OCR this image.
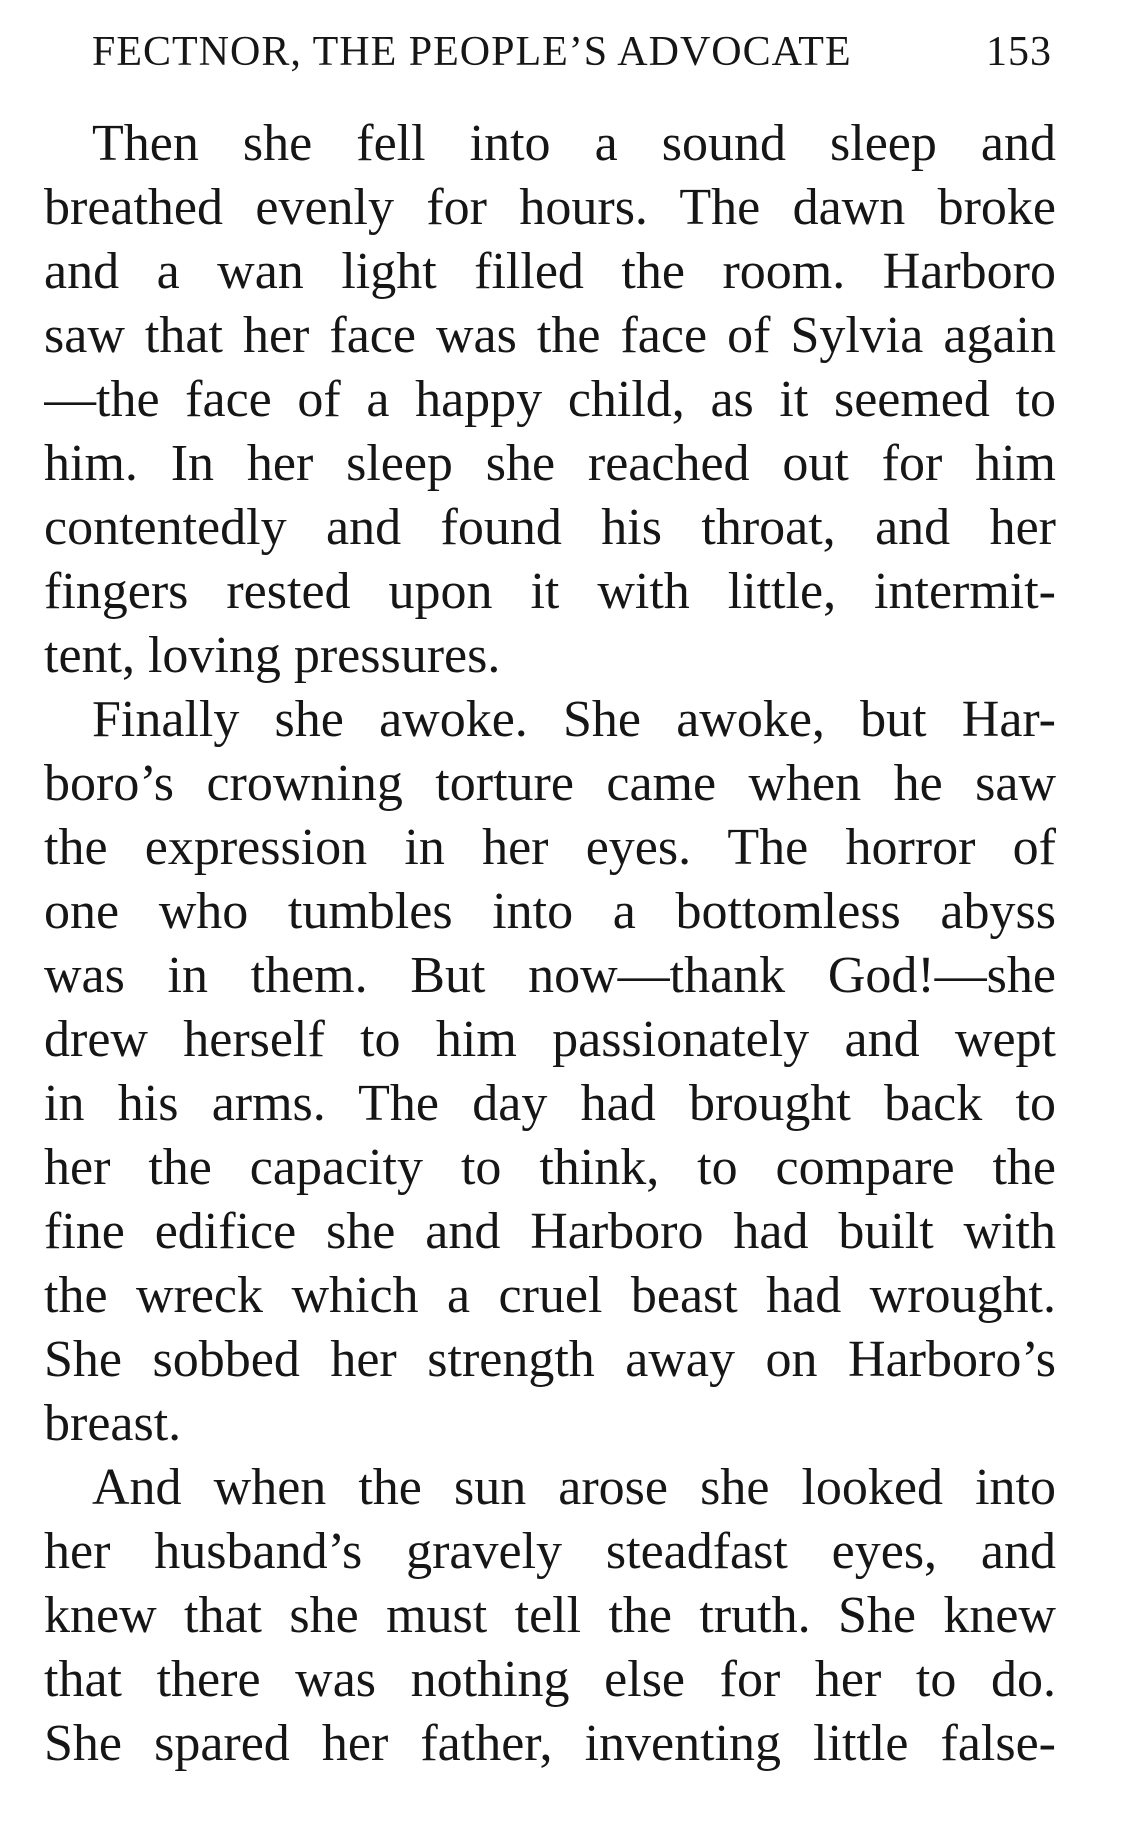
FECTNOR, THE PEOPLE’S ADVOCATE	153
Then she fell into a sound sleep and
breathed evenly for hours. The dawn broke
and a wan light filled the room. Harboro
saw that her face was the face of Sylvia again
—the face of a happy child, as it seemed to
him. In her sleep she reached out for him
contentedly and found his throat, and her
fingers rested upon it with little, intermit-
tent, loving pressures.
Finally she awoke. She awoke, but Har-
boro’s crowning torture came when he saw
the expression in her eyes. The horror of
one who tumbles into a bottomless abyss
was in them. But now—thank God!—she
drew herself to him passionately and wept
in his arms. The day had brought back to
her the capacity to think, to compare the
fine edifice she and Harboro had built with
the wreck which a cruel beast had wrought.
She sobbed her strength away on Harboro’s
breast.
And when the sun arose she looked into
her husband’s gravely steadfast eyes, and
knew that she must tell the truth. She knew
that there was nothing else for her to do.
She spared her father, inventing little false-
